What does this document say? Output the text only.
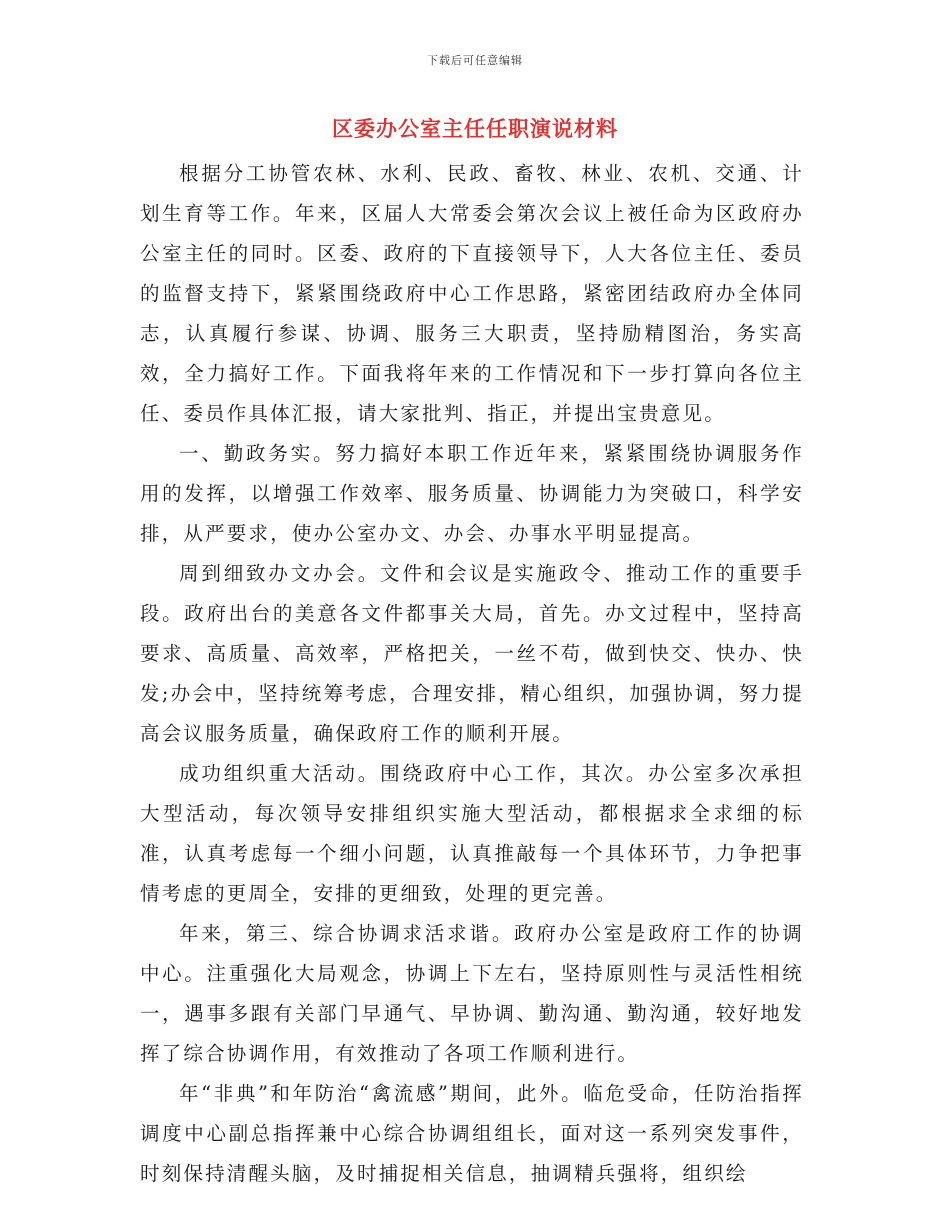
下载后可任意编辑
区委办公室主任任职演说材料

根据分工协管农林、水利、民政、畜牧、林业、农机、交通、计划生育等工作。年来，区届人大常委会第次会议上被任命为区政府办公室主任的同时。区委、政府的下直接领导下，人大各位主任、委员的监督支持下，紧紧围绕政府中心工作思路，紧密团结政府办全体同志，认真履行参谋、协调、服务三大职责，坚持励精图治，务实高效，全力搞好工作。下面我将年来的工作情况和下一步打算向各位主任、委员作具体汇报，请大家批判、指正，并提出宝贵意见。

一、勤政务实。努力搞好本职工作近年来，紧紧围绕协调服务作用的发挥，以增强工作效率、服务质量、协调能力为突破口，科学安排，从严要求，使办公室办文、办会、办事水平明显提高。

周到细致办文办会。文件和会议是实施政令、推动工作的重要手段。政府出台的美意各文件都事关大局，首先。办文过程中，坚持高要求、高质量、高效率，严格把关，一丝不苟，做到快交、快办、快发;办会中，坚持统筹考虑，合理安排，精心组织，加强协调，努力提高会议服务质量，确保政府工作的顺利开展。

成功组织重大活动。围绕政府中心工作，其次。办公室多次承担大型活动，每次领导安排组织实施大型活动，都根据求全求细的标准，认真考虑每一个细小问题，认真推敲每一个具体环节，力争把事情考虑的更周全，安排的更细致，处理的更完善。

年来，第三、综合协调求活求谐。政府办公室是政府工作的协调中心。注重强化大局观念，协调上下左右，坚持原则性与灵活性相统一，遇事多跟有关部门早通气、早协调、勤沟通、勤沟通，较好地发挥了综合协调作用，有效推动了各项工作顺利进行。

年“非典”和年防治“禽流感”期间，此外。临危受命，任防治指挥调度中心副总指挥兼中心综合协调组组长，面对这一系列突发事件，时刻保持清醒头脑，及时捕捉相关信息，抽调精兵强将，组织绘
